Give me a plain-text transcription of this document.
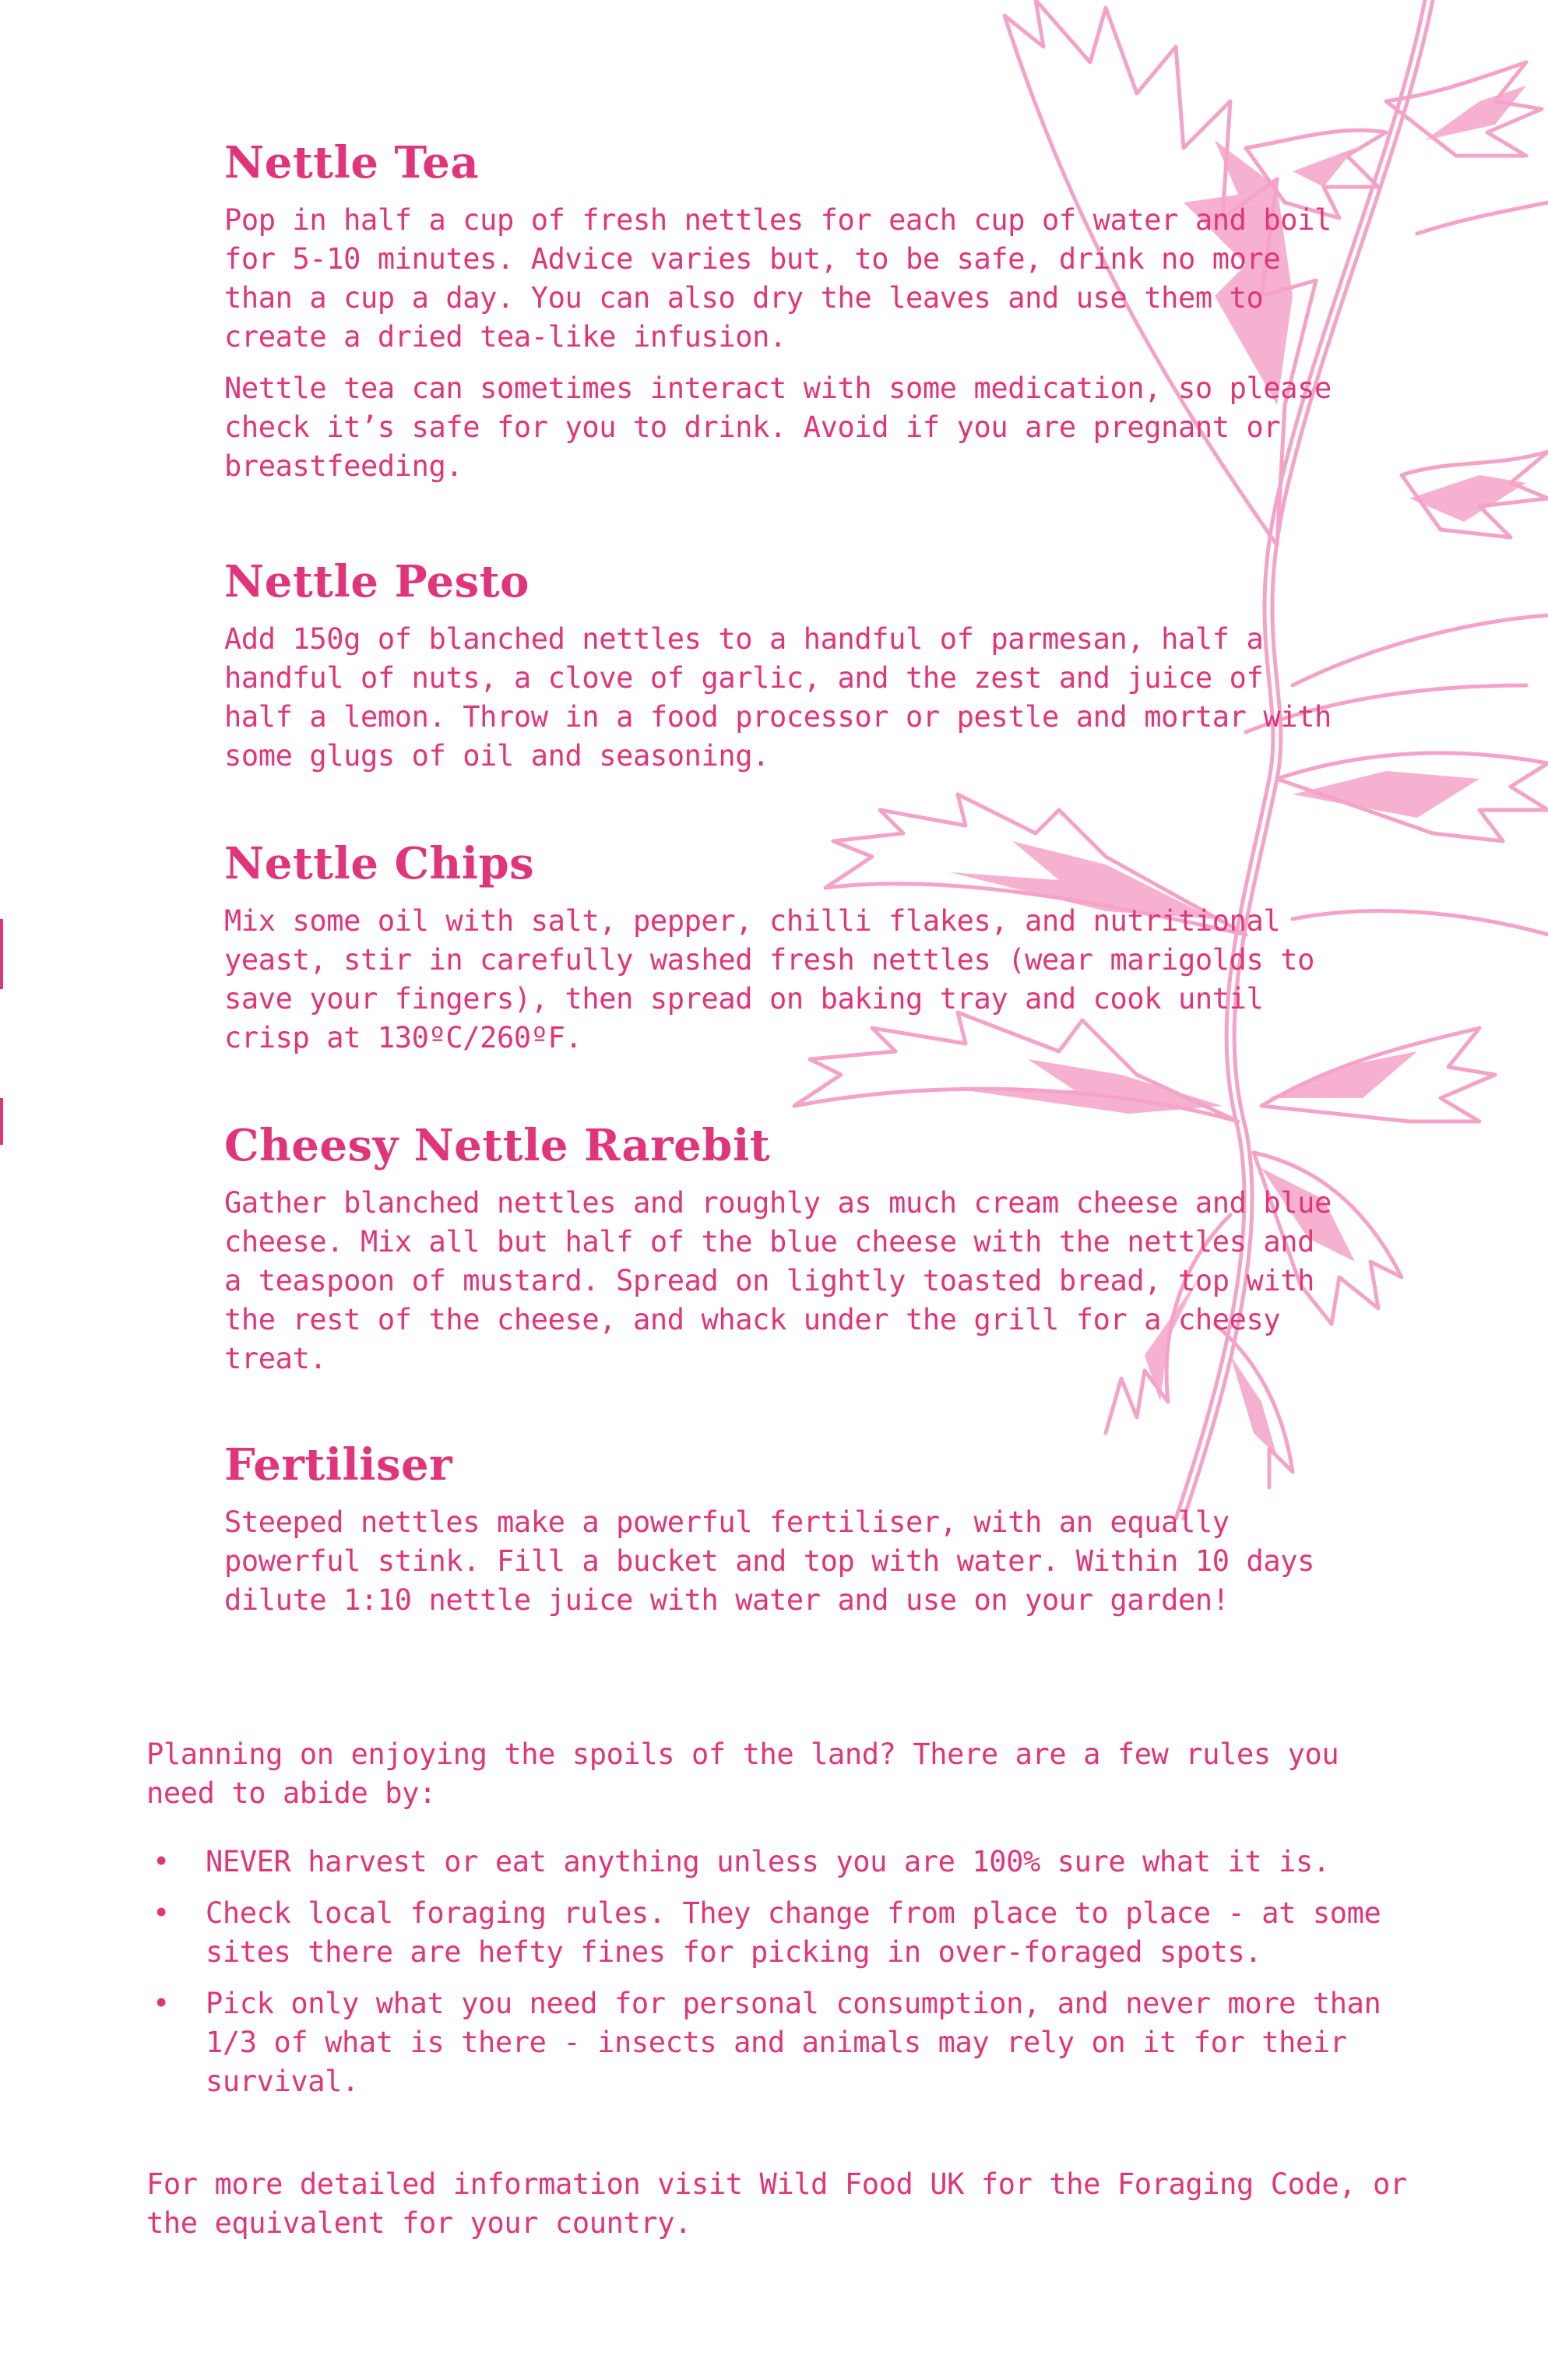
Nettle Tea

Pop in half a cup of fresh nettles for each cup of water and boil for 5-10 minutes. Advice varies but, to be safe, drink no more than a cup a day. You can also dry the leaves and use them to create a dried tea-like infusion.

Nettle tea can sometimes interact with some medication, so please check it’s safe for you to drink. Avoid if you are pregnant or breastfeeding.

Nettle Pesto

Add 150g of blanched nettles to a handful of parmesan, half a handful of nuts, a clove of garlic, and the zest and juice of half a lemon. Throw in a food processor or pestle and mortar with some glugs of oil and seasoning.

Nettle Chips

Mix some oil with salt, pepper, chilli flakes, and nutritional yeast, stir in carefully washed fresh nettles (wear marigolds to save your fingers), then spread on baking tray and cook until crisp at 130ºC/260ºF.

Cheesy Nettle Rarebit

Gather blanched nettles and roughly as much cream cheese and blue cheese. Mix all but half of the blue cheese with the nettles and a teaspoon of mustard. Spread on lightly toasted bread, top with the rest of the cheese, and whack under the grill for a cheesy treat.

Fertiliser

Steeped nettles make a powerful fertiliser, with an equally powerful stink. Fill a bucket and top with water. Within 10 days dilute 1:10 nettle juice with water and use on your garden!

Planning on enjoying the spoils of the land? There are a few rules you need to abide by:

• NEVER harvest or eat anything unless you are 100% sure what it is.
• Check local foraging rules. They change from place to place - at some sites there are hefty fines for picking in over-foraged spots.
• Pick only what you need for personal consumption, and never more than 1/3 of what is there - insects and animals may rely on it for their survival.

For more detailed information visit Wild Food UK for the Foraging Code, or the equivalent for your country.
